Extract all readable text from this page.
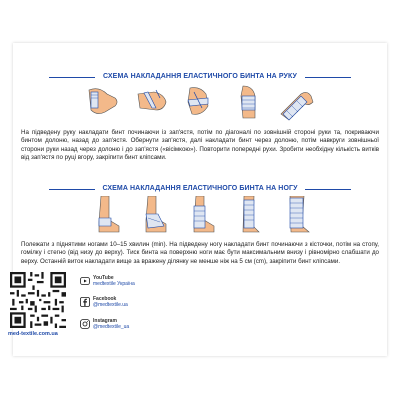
СХЕМА НАКЛАДАННЯ ЕЛАСТИЧНОГО БИНТА НА РУКУ
На підведену руку накладати бинт починаючи із зап'ястя, потім по діагоналі по зовнішній стороні руки та, покриваючи бинтом долоню, назад до зап'ястя. Обернути зап'ястя, далі накладати бинт через долоню, потім навкруги зовнішньої сторони руки назад через долоню і до зап'ястя («вісімкою»). Повторити попередні рухи. Зробити необхідну кількість витків від зап'ястя по руці вгору, закріпити бинт кліпсами.
СХЕМА НАКЛАДАННЯ ЕЛАСТИЧНОГО БИНТА НА НОГУ
Полежати з піднятими ногами 10–15 хвилин (min). На підведену ногу накладати бинт починаючи з кісточки, потім на стопу, гомілку і стегно (від низу до верху). Тиск бинта на поверхню ноги має бути максимальним внизу і рівномірно слабшати до верху. Останній виток накладати вище за вражену ділянку не менше ніж на 5 см (cm), закріпити бинт кліпсами.
med-textile.com.ua
YouTube
medtextile Україна
Facebook
@medtextile.ua
Instagram
@medtextile_ua
